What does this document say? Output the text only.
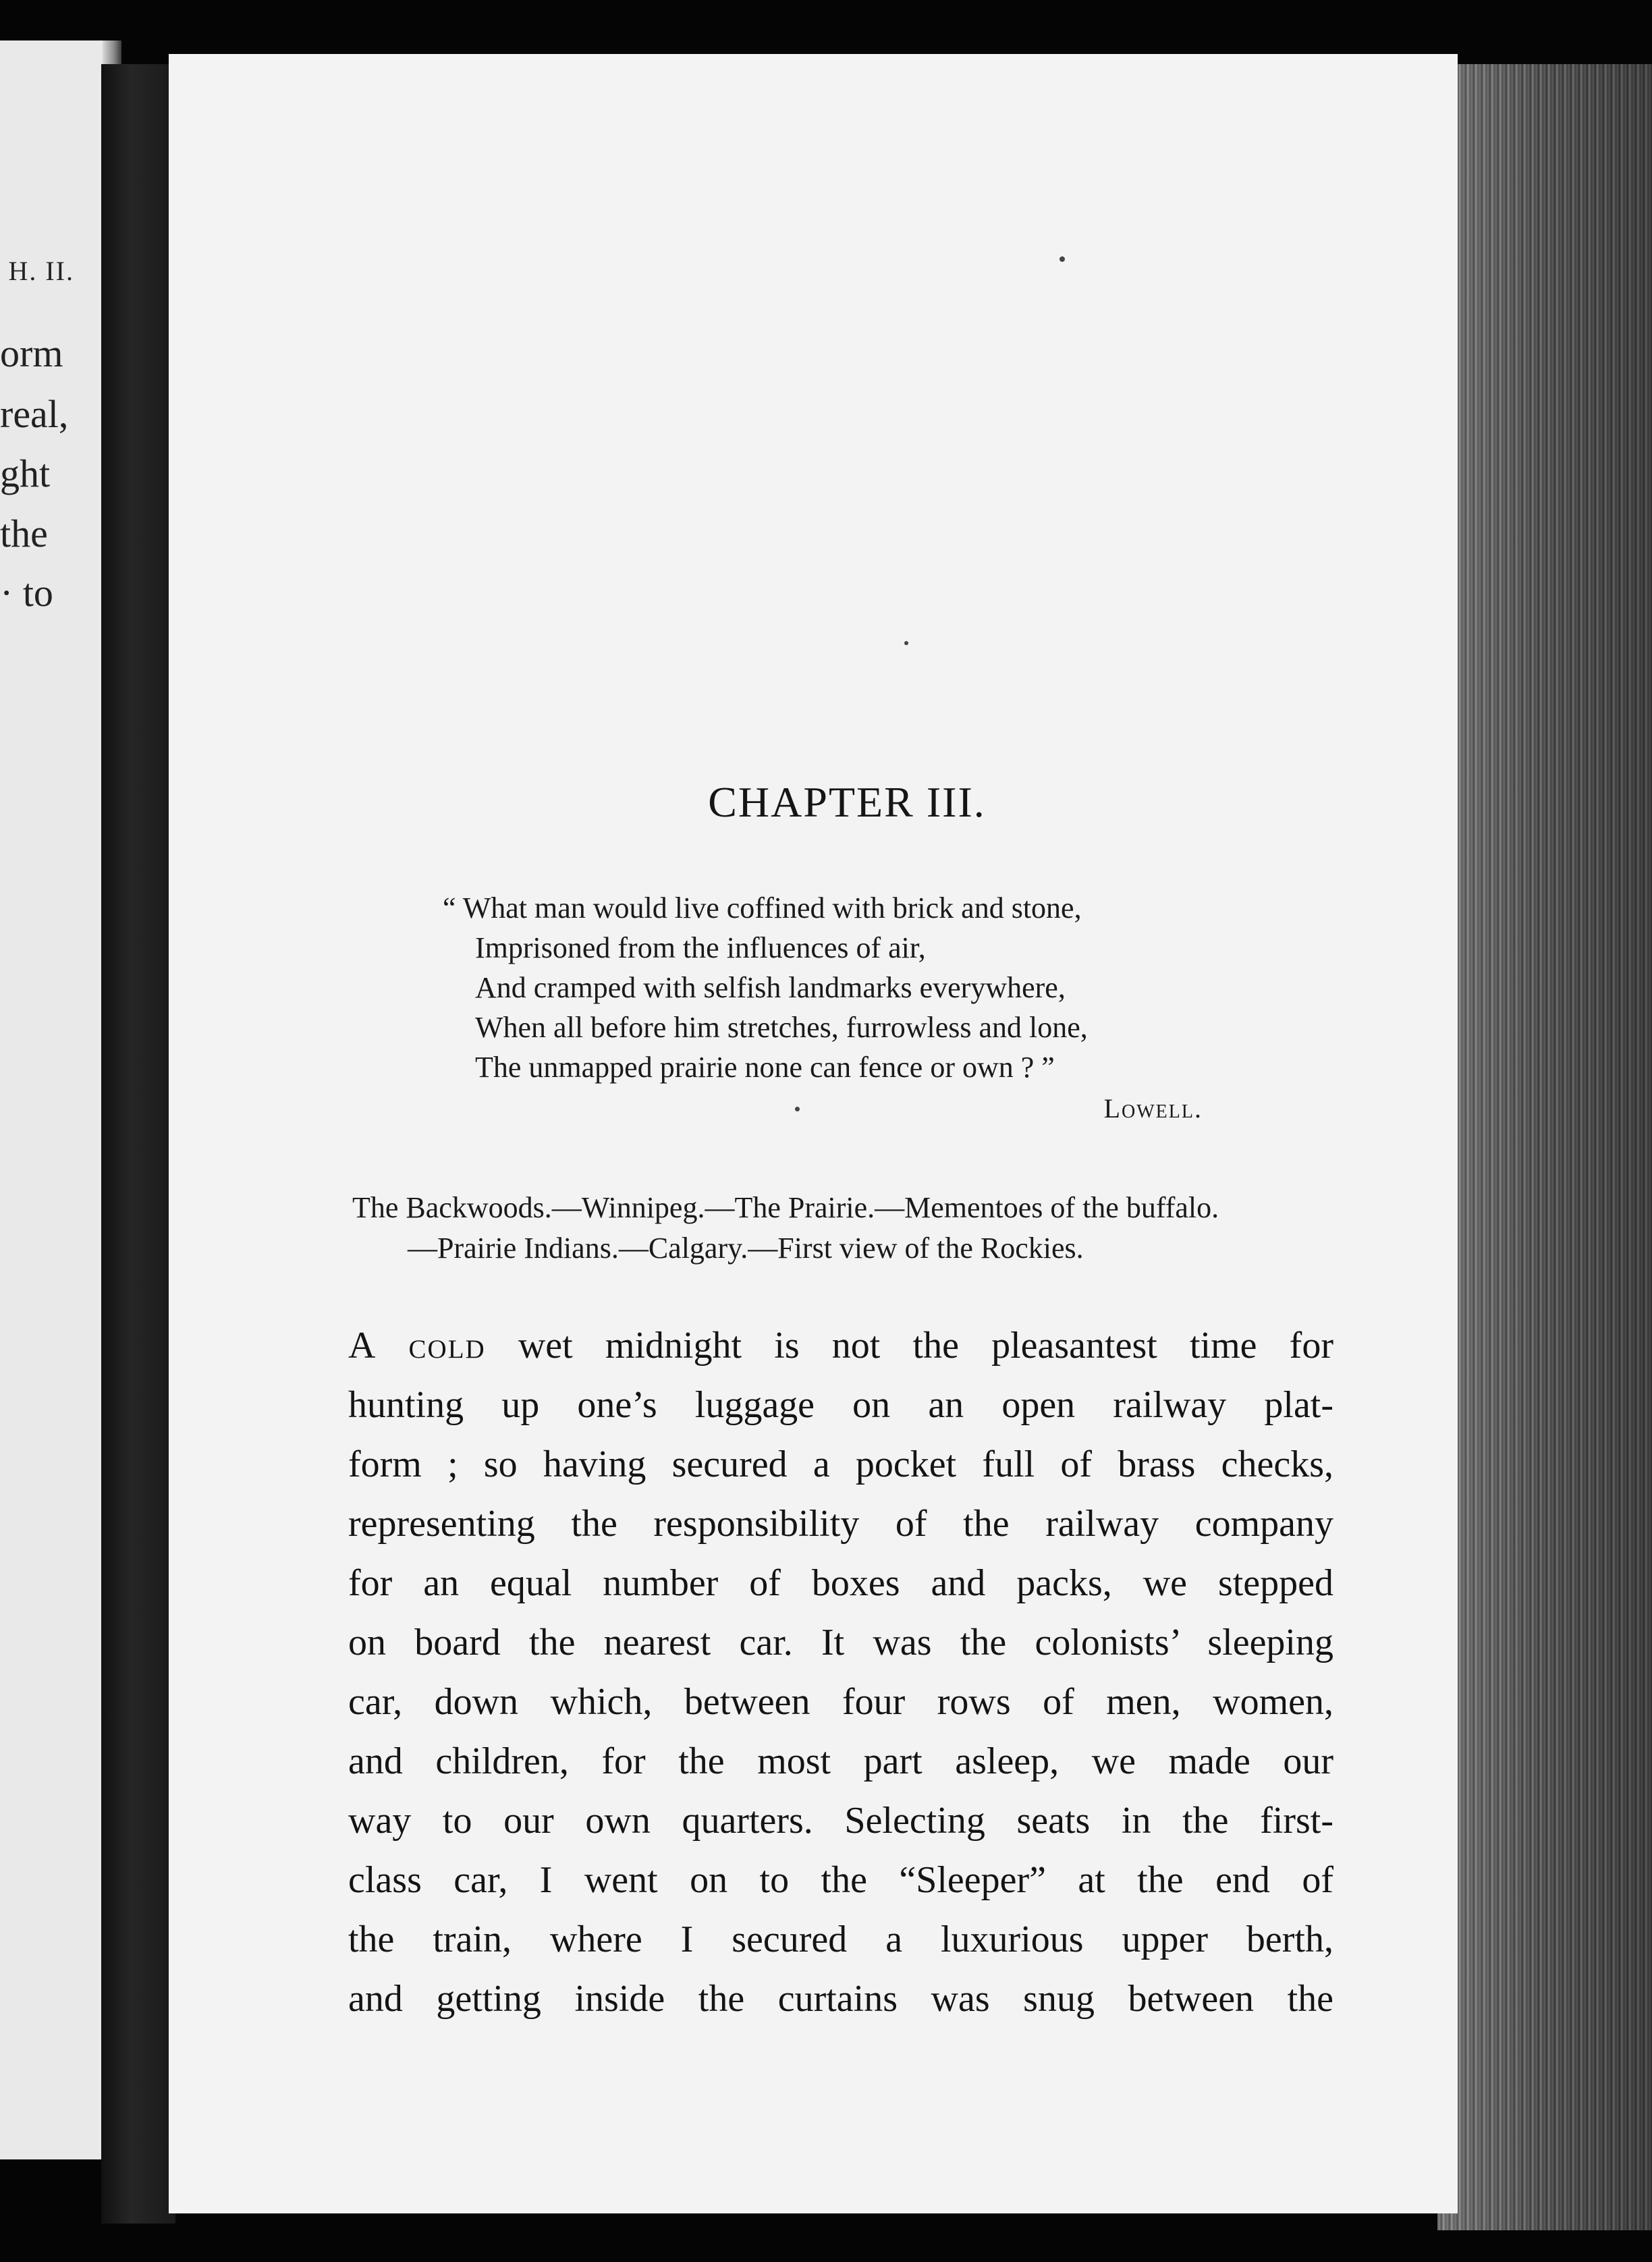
H. II.
orm
real,
ght
the
· to
CHAPTER III.
“ What man would live coffined with brick and stone,
Imprisoned from the influences of air,
And cramped with selfish landmarks everywhere,
When all before him stretches, furrowless and lone,
The unmapped prairie none can fence or own ? ”
Lowell.
The Backwoods.—Winnipeg.—The Prairie.—Mementoes of the buffalo.
—Prairie Indians.—Calgary.—First view of the Rockies.
A cold wet midnight is not the pleasantest time for
hunting up one’s luggage on an open railway plat-
form ; so having secured a pocket full of brass checks,
representing the responsibility of the railway company
for an equal number of boxes and packs, we stepped
on board the nearest car. It was the colonists’ sleeping
car, down which, between four rows of men, women,
and children, for the most part asleep, we made our
way to our own quarters. Selecting seats in the first-
class car, I went on to the “Sleeper” at the end of
the train, where I secured a luxurious upper berth,
and getting inside the curtains was snug between the
